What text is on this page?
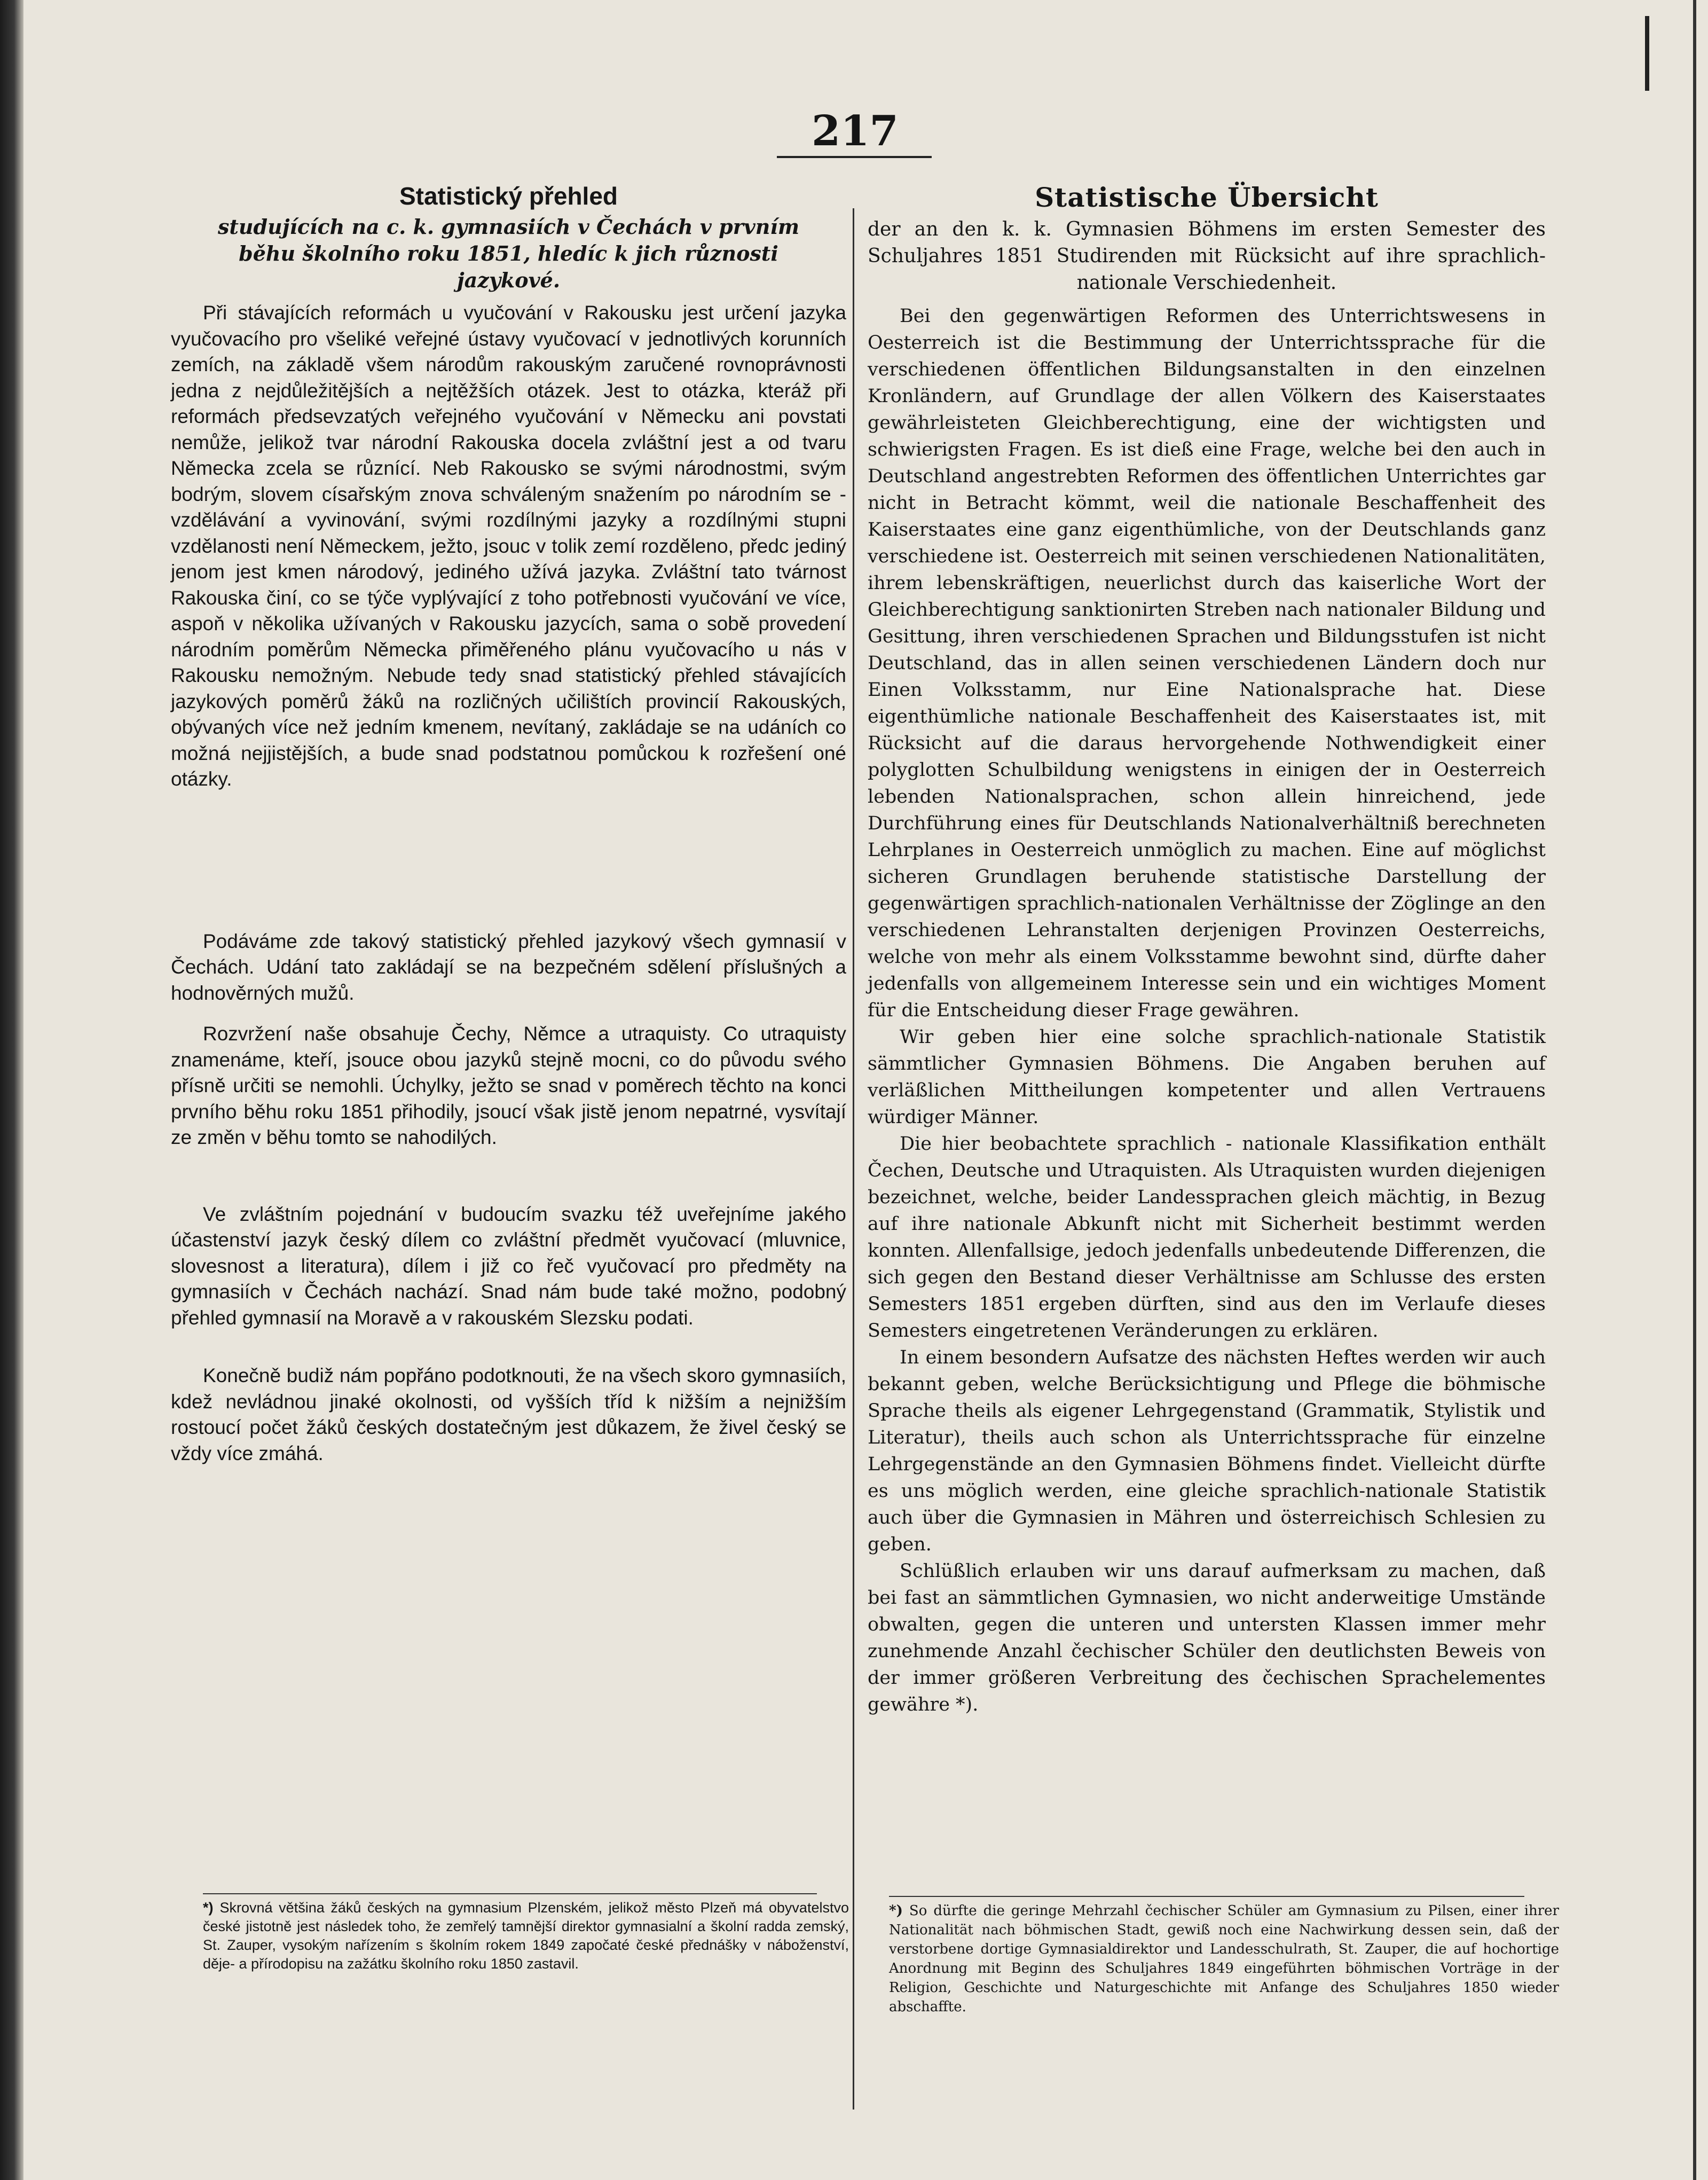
217
Statistický přehled
studujících na c. k. gymnasiích v Čechách v prvním běhu školního roku 1851, hledíc k jich různosti jazykové.

Při stávajících reformách u vyučování v Rakousku jest určení jazyka vyučovacího pro všeliké veřejné ústavy vyučovací v jednotlivých korunních zemích, na základě všem národům rakouským zaručené rovnoprávnosti jedna z nejdůležitějších a nejtěžších otázek. Jest to otázka, kteráž při reformách předsevzatých veřejného vyučování v Německu ani povstati nemůže, jelikož tvar národní Rakouska docela zvláštní jest a od tvaru Německa zcela se různící. Neb Rakousko se svými národnostmi, svým bodrým, slovem císařským znova schváleným snažením po národním se - vzdělávání a vyvinování, svými rozdílnými jazyky a rozdílnými stupni vzdělanosti není Německem, ježto, jsouc v tolik zemí rozděleno, předc jediný jenom jest kmen národový, jediného užívá jazyka. Zvláštní tato tvárnost Rakouska činí, co se týče vyplývající z toho potřebnosti vyučování ve více, aspoň v několika užívaných v Rakousku jazycích, sama o sobě provedení národním poměrům Německa přiměřeného plánu vyučovacího u nás v Rakousku nemožným. Nebude tedy snad statistický přehled stávajících jazykových poměrů žáků na rozličných učilištích provincií Rakouských, obývaných více než jedním kmenem, nevítaný, zakládaje se na udáních co možná nejjistějších, a bude snad podstatnou pomůckou k rozřešení oné otázky.

Podáváme zde takový statistický přehled jazykový všech gymnasií v Čechách. Udání tato zakládají se na bezpečném sdělení příslušných a hodnověrných mužů.

Rozvržení naše obsahuje Čechy, Němce a utraquisty. Co utraquisty znamenáme, kteří, jsouce obou jazyků stejně mocni, co do původu svého přísně určiti se nemohli. Úchylky, ježto se snad v poměrech těchto na konci prvního běhu roku 1851 přihodily, jsoucí však jistě jenom nepatrné, vysvítají ze změn v běhu tomto se nahodilých.

Ve zvláštním pojednání v budoucím svazku též uveřejníme jakého účastenství jazyk český dílem co zvláštní předmět vyučovací (mluvnice, slovesnost a literatura), dílem i již co řeč vyučovací pro předměty na gymnasiích v Čechách nachází. Snad nám bude také možno, podobný přehled gymnasií na Moravě a v rakouském Slezsku podati.

Konečně budiž nám popřáno podotknouti, že na všech skoro gymnasiích, kdež nevládnou jinaké okolnosti, od vyšších tříd k nižším a nejnižším rostoucí počet žáků českých dostatečným jest důkazem, že živel český se vždy více zmáhá.

Statistische Übersicht
der an den k. k. Gymnasien Böhmens im ersten Semester des Schuljahres 1851 Studirenden mit Rücksicht auf ihre sprachlich-nationale Verschiedenheit.

Bei den gegenwärtigen Reformen des Unterrichtswesens in Oesterreich ist die Bestimmung der Unterrichtssprache für die verschiedenen öffentlichen Bildungsanstalten in den einzelnen Kronländern, auf Grundlage der allen Völkern des Kaiserstaates gewährleisteten Gleichberechtigung, eine der wichtigsten und schwierigsten Fragen. Es ist dieß eine Frage, welche bei den auch in Deutschland angestrebten Reformen des öffentlichen Unterrichtes gar nicht in Betracht kömmt, weil die nationale Beschaffenheit des Kaiserstaates eine ganz eigenthümliche, von der Deutschlands ganz verschiedene ist. Oesterreich mit seinen verschiedenen Nationalitäten, ihrem lebenskräftigen, neuerlichst durch das kaiserliche Wort der Gleichberechtigung sanktionirten Streben nach nationaler Bildung und Gesittung, ihren verschiedenen Sprachen und Bildungsstufen ist nicht Deutschland, das in allen seinen verschiedenen Ländern doch nur Einen Volksstamm, nur Eine Nationalsprache hat. Diese eigenthümliche nationale Beschaffenheit des Kaiserstaates ist, mit Rücksicht auf die daraus hervorgehende Nothwendigkeit einer polyglotten Schulbildung wenigstens in einigen der in Oesterreich lebenden Nationalsprachen, schon allein hinreichend, jede Durchführung eines für Deutschlands Nationalverhältniß berechneten Lehrplanes in Oesterreich unmöglich zu machen. Eine auf möglichst sicheren Grundlagen beruhende statistische Darstellung der gegenwärtigen sprachlich-nationalen Verhältnisse der Zöglinge an den verschiedenen Lehranstalten derjenigen Provinzen Oesterreichs, welche von mehr als einem Volksstamme bewohnt sind, dürfte daher jedenfalls von allgemeinem Interesse sein und ein wichtiges Moment für die Entscheidung dieser Frage gewähren.

Wir geben hier eine solche sprachlich-nationale Statistik sämmtlicher Gymnasien Böhmens. Die Angaben beruhen auf verläßlichen Mittheilungen kompetenter und allen Vertrauens würdiger Männer.

Die hier beobachtete sprachlich - nationale Klassifikation enthält Čechen, Deutsche und Utraquisten. Als Utraquisten wurden diejenigen bezeichnet, welche, beider Landessprachen gleich mächtig, in Bezug auf ihre nationale Abkunft nicht mit Sicherheit bestimmt werden konnten. Allenfallsige, jedoch jedenfalls unbedeutende Differenzen, die sich gegen den Bestand dieser Verhältnisse am Schlusse des ersten Semesters 1851 ergeben dürften, sind aus den im Verlaufe dieses Semesters eingetretenen Veränderungen zu erklären.

In einem besondern Aufsatze des nächsten Heftes werden wir auch bekannt geben, welche Berücksichtigung und Pflege die böhmische Sprache theils als eigener Lehrgegenstand (Grammatik, Stylistik und Literatur), theils auch schon als Unterrichtssprache für einzelne Lehrgegenstände an den Gymnasien Böhmens findet. Vielleicht dürfte es uns möglich werden, eine gleiche sprachlich-nationale Statistik auch über die Gymnasien in Mähren und österreichisch Schlesien zu geben.

Schlüßlich erlauben wir uns darauf aufmerksam zu machen, daß bei fast an sämmtlichen Gymnasien, wo nicht anderweitige Umstände obwalten, gegen die unteren und untersten Klassen immer mehr zunehmende Anzahl čechischer Schüler den deutlichsten Beweis von der immer größeren Verbreitung des čechischen Sprachelementes gewähre *).

*) Skrovná většina žáků českých na gymnasium Plzenském, jelikož město Plzeň má obyvatelstvo české jistotně jest následek toho, že zemřelý tamnější direktor gymnasialní a školní radda zemský, St. Zauper, vysokým nařízením s školním rokem 1849 započaté české přednášky v náboženství, děje- a přírodopisu na zažátku školního roku 1850 zastavil.

*) So dürfte die geringe Mehrzahl čechischer Schüler am Gymnasium zu Pilsen, einer ihrer Nationalität nach böhmischen Stadt, gewiß noch eine Nachwirkung dessen sein, daß der verstorbene dortige Gymnasialdirektor und Landesschulrath, St. Zauper, die auf hochortige Anordnung mit Beginn des Schuljahres 1849 eingeführten böhmischen Vorträge in der Religion, Geschichte und Naturgeschichte mit Anfange des Schuljahres 1850 wieder abschaffte.
